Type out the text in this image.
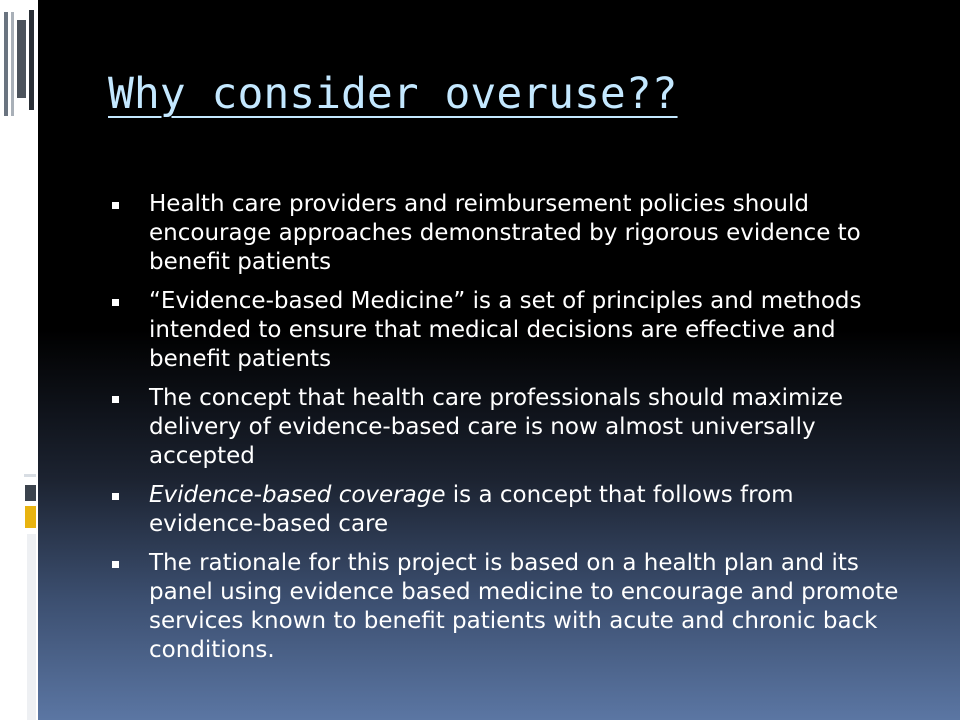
Why consider overuse??
Health care providers and reimbursement policies should encourage approaches demonstrated by rigorous evidence to benefit patients
“Evidence-based Medicine” is a set of principles and methods intended to ensure that medical decisions are effective and benefit patients
The concept that health care professionals should maximize delivery of evidence-based care is now almost universally accepted
Evidence-based coverage is a concept that follows from evidence-based care
The rationale for this project is based on a health plan and its panel using evidence based medicine to encourage and promote services known to benefit patients with acute and chronic back conditions.
